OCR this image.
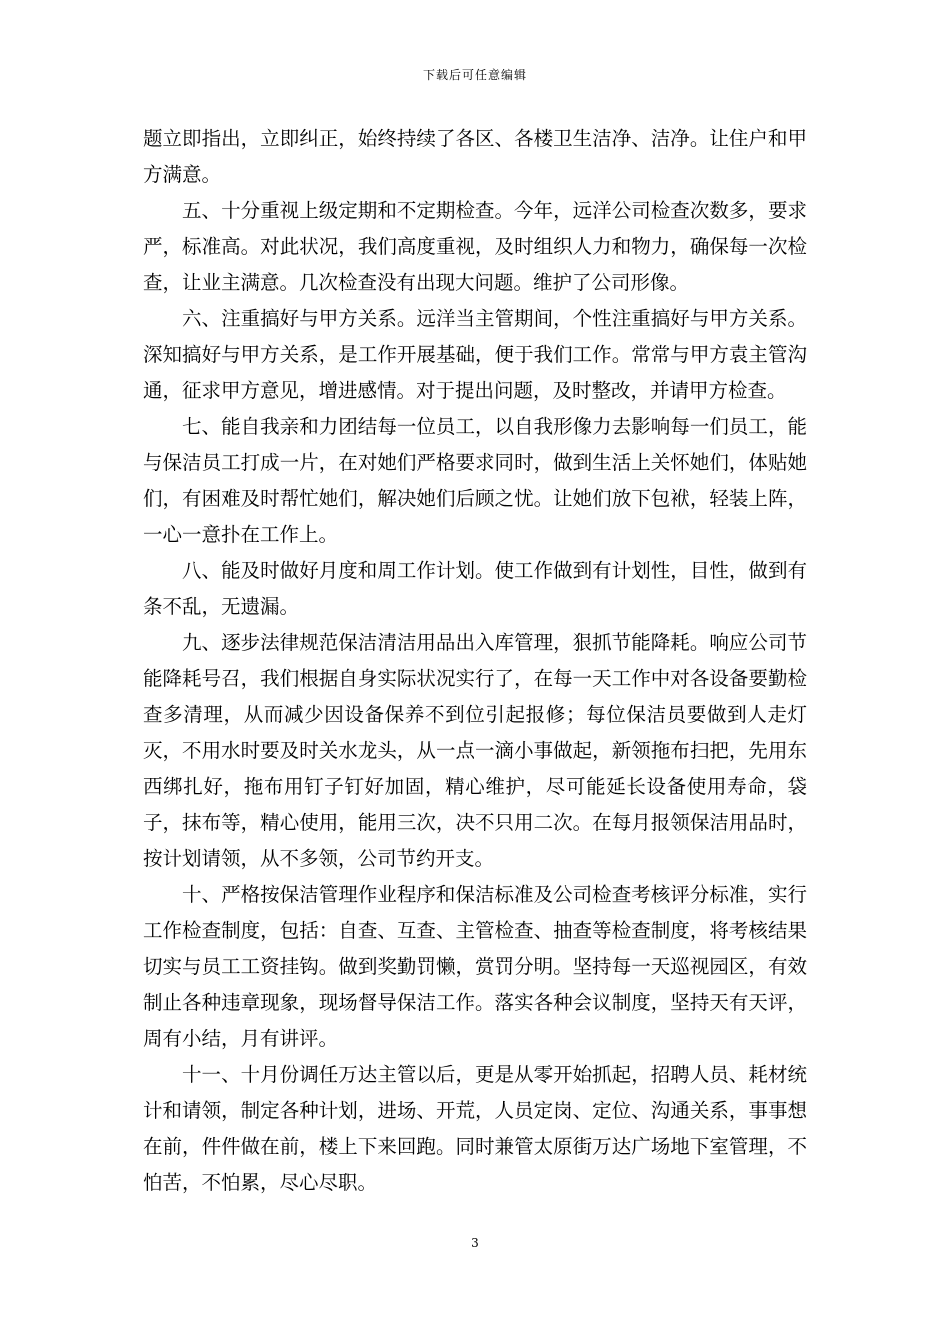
下载后可任意编辑

题立即指出，立即纠正，始终持续了各区、各楼卫生洁净、洁净。让住户和甲方满意。

五、十分重视上级定期和不定期检查。今年，远洋公司检查次数多，要求严，标准高。对此状况，我们高度重视，及时组织人力和物力，确保每一次检查，让业主满意。几次检查没有出现大问题。维护了公司形像。

六、注重搞好与甲方关系。远洋当主管期间，个性注重搞好与甲方关系。深知搞好与甲方关系，是工作开展基础，便于我们工作。常常与甲方袁主管沟通，征求甲方意见，增进感情。对于提出问题，及时整改，并请甲方检查。

七、能自我亲和力团结每一位员工，以自我形像力去影响每一们员工，能与保洁员工打成一片，在对她们严格要求同时，做到生活上关怀她们，体贴她们，有困难及时帮忙她们，解决她们后顾之忧。让她们放下包袱，轻装上阵，一心一意扑在工作上。

八、能及时做好月度和周工作计划。使工作做到有计划性，目性，做到有条不乱，无遗漏。

九、逐步法律规范保洁清洁用品出入库管理，狠抓节能降耗。响应公司节能降耗号召，我们根据自身实际状况实行了，在每一天工作中对各设备要勤检查多清理，从而减少因设备保养不到位引起报修；每位保洁员要做到人走灯灭，不用水时要及时关水龙头，从一点一滴小事做起，新领拖布扫把，先用东西绑扎好，拖布用钉子钉好加固，精心维护，尽可能延长设备使用寿命，袋子，抹布等，精心使用，能用三次，决不只用二次。在每月报领保洁用品时，按计划请领，从不多领，公司节约开支。

十、严格按保洁管理作业程序和保洁标准及公司检查考核评分标准，实行工作检查制度，包括：自查、互查、主管检查、抽查等检查制度，将考核结果切实与员工工资挂钩。做到奖勤罚懒，赏罚分明。坚持每一天巡视园区，有效制止各种违章现象，现场督导保洁工作。落实各种会议制度，坚持天有天评，周有小结，月有讲评。

十一、十月份调任万达主管以后，更是从零开始抓起，招聘人员、耗材统计和请领，制定各种计划，进场、开荒，人员定岗、定位、沟通关系，事事想在前，件件做在前，楼上下来回跑。同时兼管太原街万达广场地下室管理，不怕苦，不怕累，尽心尽职。

3
